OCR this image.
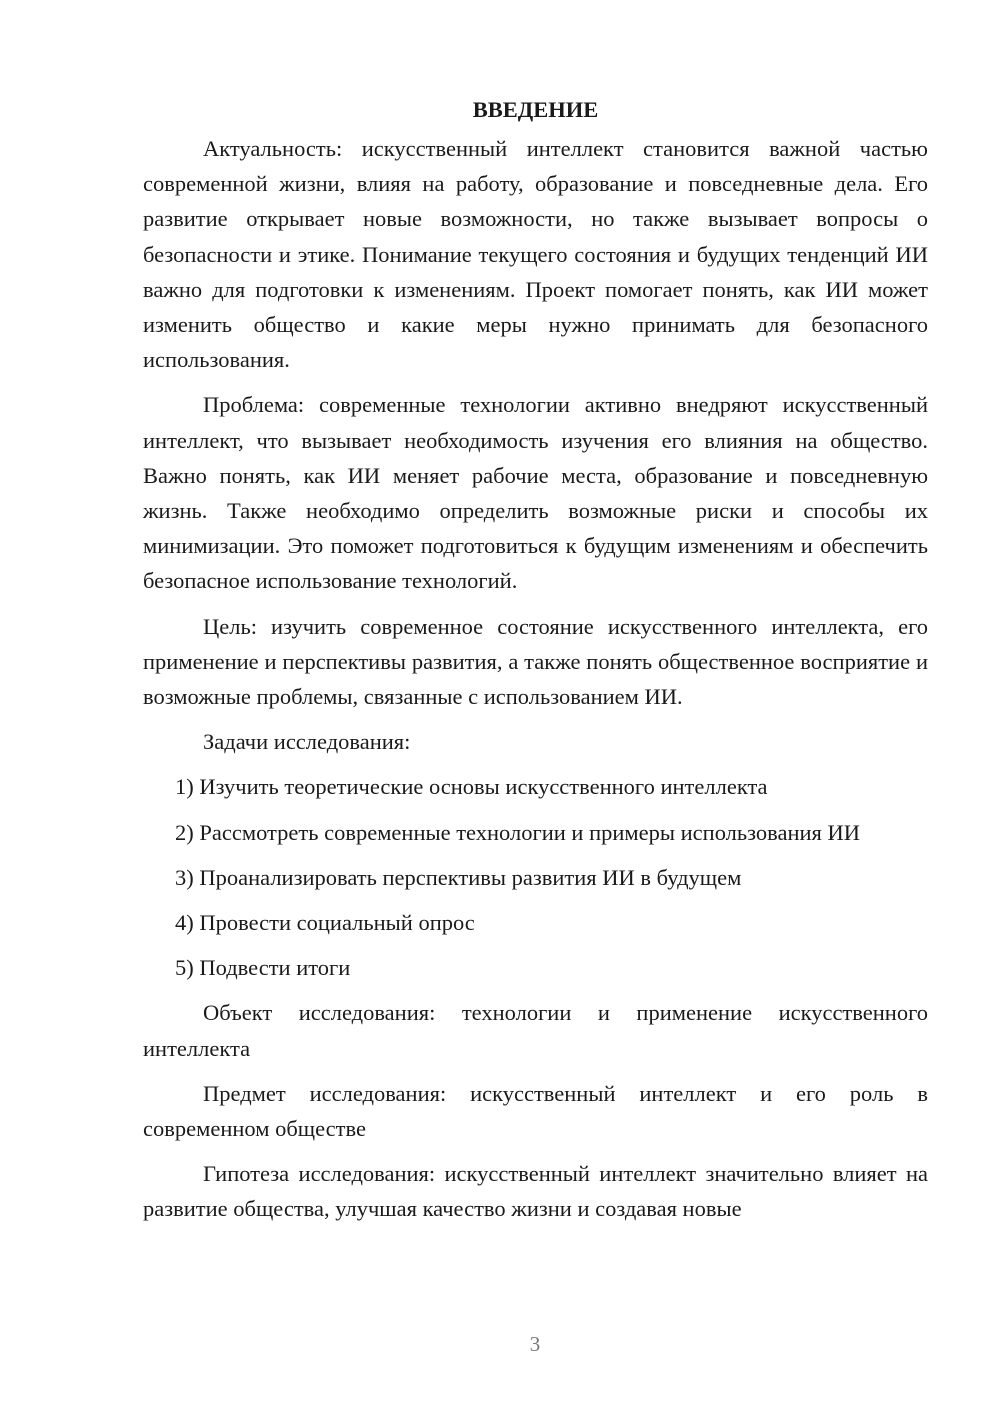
ВВЕДЕНИЕ

Актуальность: искусственный интеллект становится важной частью современной жизни, влияя на работу, образование и повседневные дела. Его развитие открывает новые возможности, но также вызывает вопросы о безопасности и этике. Понимание текущего состояния и будущих тенденций ИИ важно для подготовки к изменениям. Проект помогает понять, как ИИ может изменить общество и какие меры нужно принимать для безопасного использования.

Проблема: современные технологии активно внедряют искусственный интеллект, что вызывает необходимость изучения его влияния на общество. Важно понять, как ИИ меняет рабочие места, образование и повседневную жизнь. Также необходимо определить возможные риски и способы их минимизации. Это поможет подготовиться к будущим изменениям и обеспечить безопасное использование технологий.

Цель: изучить современное состояние искусственного интеллекта, его применение и перспективы развития, а также понять общественное восприятие и возможные проблемы, связанные с использованием ИИ.

Задачи исследования:

1) Изучить теоретические основы искусственного интеллекта

2) Рассмотреть современные технологии и примеры использования ИИ

3) Проанализировать перспективы развития ИИ в будущем

4) Провести социальный опрос

5) Подвести итоги

Объект исследования: технологии и применение искусственного интеллекта

Предмет исследования: искусственный интеллект и его роль в современном обществе

Гипотеза исследования: искусственный интеллект значительно влияет на развитие общества, улучшая качество жизни и создавая новые

3
